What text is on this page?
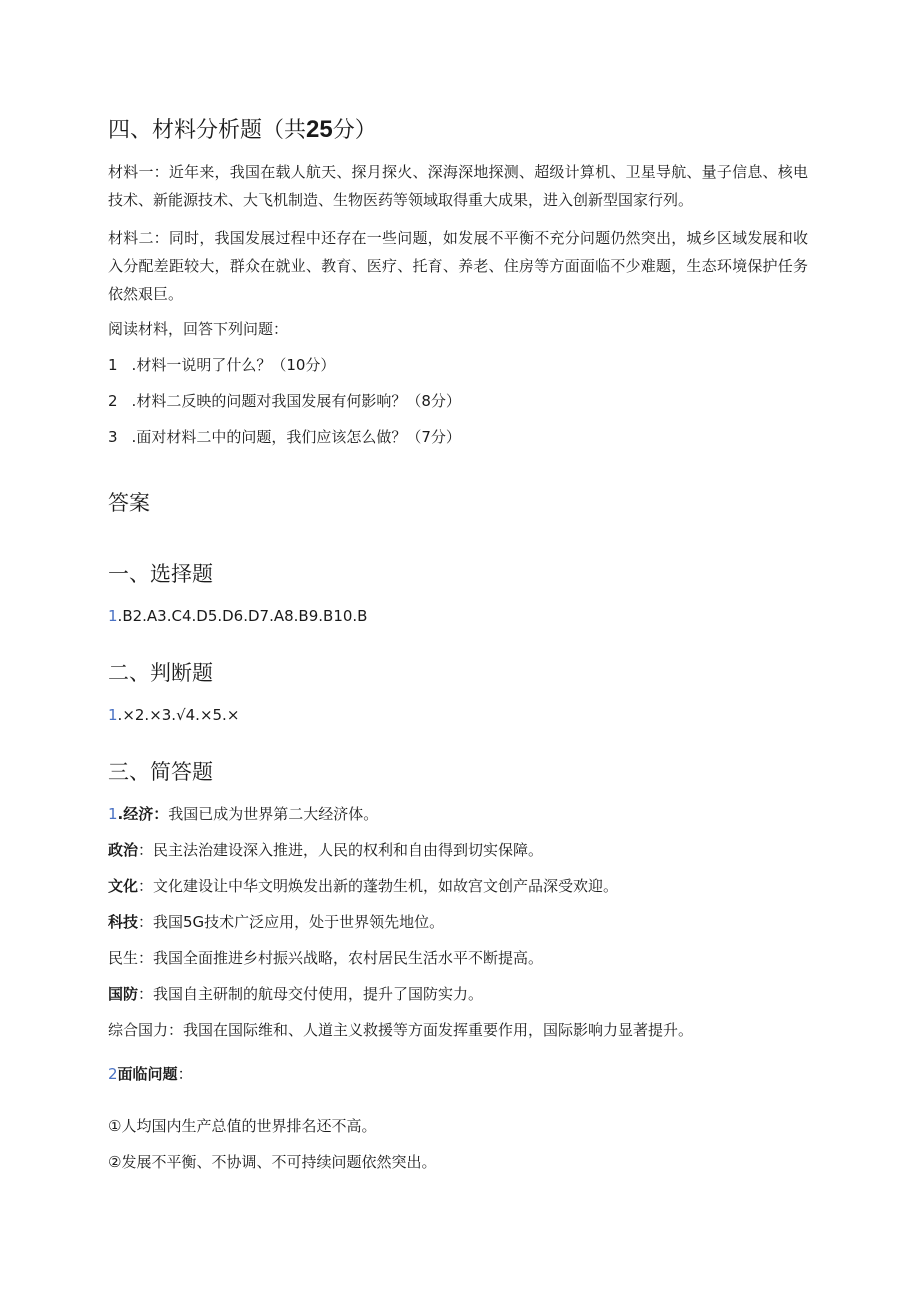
四、材料分析题（共25分）
材料一：近年来，我国在载人航天、探月探火、深海深地探测、超级计算机、卫星导航、量子信息、核电技术、新能源技术、大飞机制造、生物医药等领域取得重大成果，进入创新型国家行列。
材料二：同时，我国发展过程中还存在一些问题，如发展不平衡不充分问题仍然突出，城乡区域发展和收入分配差距较大，群众在就业、教育、医疗、托育、养老、住房等方面面临不少难题，生态环境保护任务依然艰巨。
阅读材料，回答下列问题：
1 .材料一说明了什么？（10分）
2 .材料二反映的问题对我国发展有何影响？（8分）
3 .面对材料二中的问题，我们应该怎么做？（7分）
答案
一、选择题
1.B2.A3.C4.D5.D6.D7.A8.B9.B10.B
二、判断题
1.×2.×3.√4.×5.×
三、简答题
1.经济：我国已成为世界第二大经济体。
政治：民主法治建设深入推进，人民的权利和自由得到切实保障。
文化：文化建设让中华文明焕发出新的蓬勃生机，如故宫文创产品深受欢迎。
科技：我国5G技术广泛应用，处于世界领先地位。
民生：我国全面推进乡村振兴战略，农村居民生活水平不断提高。
国防：我国自主研制的航母交付使用，提升了国防实力。
综合国力：我国在国际维和、人道主义救援等方面发挥重要作用，国际影响力显著提升。
2面临问题：
①人均国内生产总值的世界排名还不高。
②发展不平衡、不协调、不可持续问题依然突出。
